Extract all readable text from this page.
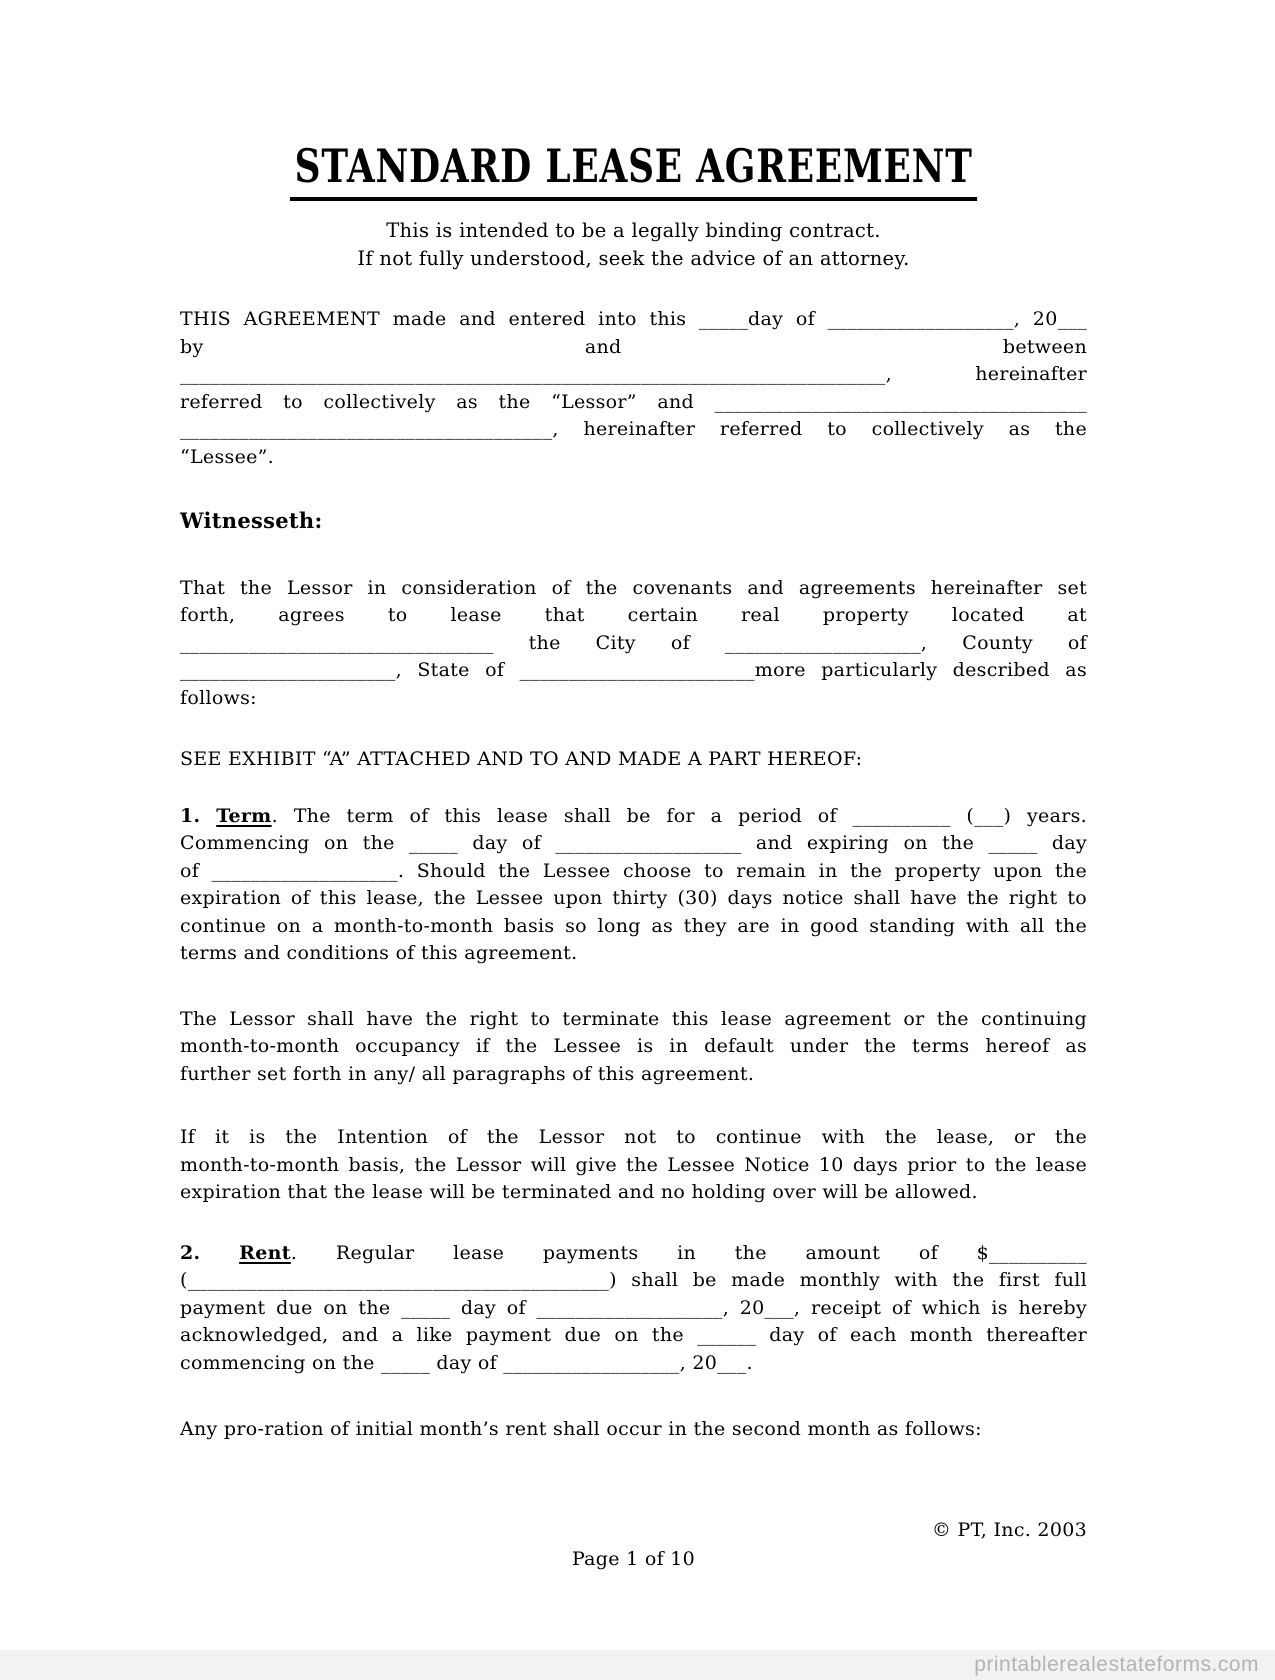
STANDARD LEASE AGREEMENT
This is intended to be a legally binding contract.
If not fully understood, seek the advice of an attorney.
THIS AGREEMENT made and entered into this _____day of ___________________, 20___
by and between
________________________________________________________________________, hereinafter
referred to collectively as the “Lessor” and ______________________________________
______________________________________, hereinafter referred to collectively as the
“Lessee”.
Witnesseth:
That the Lessor in consideration of the covenants and agreements hereinafter set
forth, agrees to lease that certain real property located at
________________________________ the City of ____________________, County of
______________________, State of ________________________more particularly described as
follows:
SEE EXHIBIT “A” ATTACHED AND TO AND MADE A PART HEREOF:
1. Term. The term of this lease shall be for a period of __________ (___) years.
Commencing on the _____ day of ___________________ and expiring on the _____ day
of ___________________. Should the Lessee choose to remain in the property upon the
expiration of this lease, the Lessee upon thirty (30) days notice shall have the right to
continue on a month-to-month basis so long as they are in good standing with all the
terms and conditions of this agreement.
The Lessor shall have the right to terminate this lease agreement or the continuing
month-to-month occupancy if the Lessee is in default under the terms hereof as
further set forth in any/ all paragraphs of this agreement.
If it is the Intention of the Lessor not to continue with the lease, or the
month-to-month basis, the Lessor will give the Lessee Notice 10 days prior to the lease
expiration that the lease will be terminated and no holding over will be allowed.
2. Rent. Regular lease payments in the amount of $__________
(___________________________________________) shall be made monthly with the first full
payment due on the _____ day of ___________________, 20___, receipt of which is hereby
acknowledged, and a like payment due on the ______ day of each month thereafter
commencing on the _____ day of __________________, 20___.
Any pro-ration of initial month’s rent shall occur in the second month as follows:
© PT, Inc. 2003
Page 1 of 10
printablerealestateforms.com
